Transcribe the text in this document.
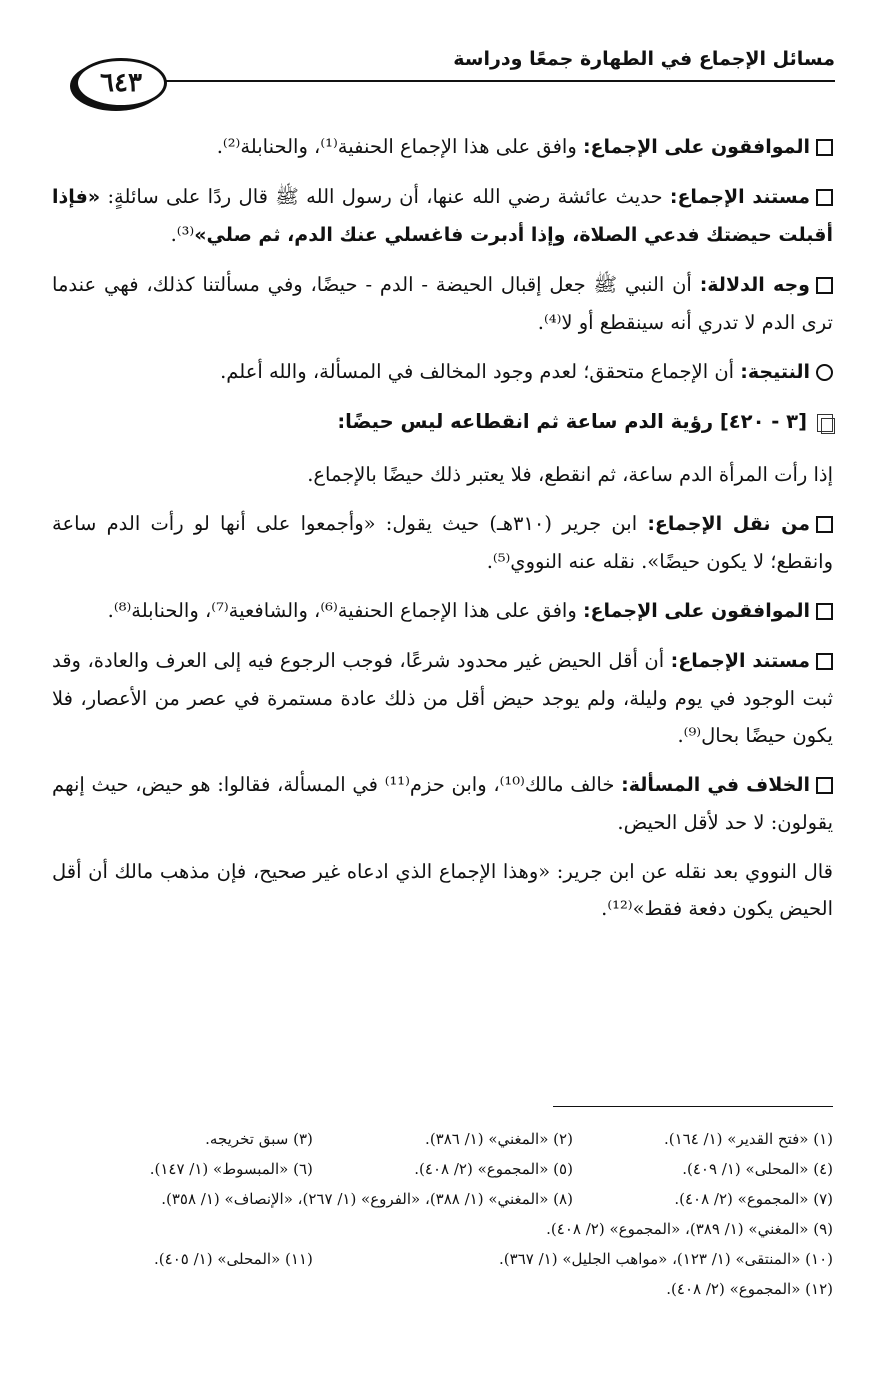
مسائل الإجماع في الطهارة جمعًا ودراسة
٦٤٣

الموافقون على الإجماع: وافق على هذا الإجماع الحنفية⁽¹⁾، والحنابلة⁽²⁾.

مستند الإجماع: حديث عائشة رضي الله عنها، أن رسول الله ﷺ قال ردًا على سائلةٍ: «فإذا أقبلت حيضتك فدعي الصلاة، وإذا أدبرت فاغسلي عنك الدم، ثم صلي»⁽³⁾.

وجه الدلالة: أن النبي ﷺ جعل إقبال الحيضة - الدم - حيضًا، وفي مسألتنا كذلك، فهي عندما ترى الدم لا تدري أنه سينقطع أو لا⁽⁴⁾.

النتيجة: أن الإجماع متحقق؛ لعدم وجود المخالف في المسألة، والله أعلم.

[٣ - ٤٢٠] رؤية الدم ساعة ثم انقطاعه ليس حيضًا:

إذا رأت المرأة الدم ساعة، ثم انقطع، فلا يعتبر ذلك حيضًا بالإجماع.

من نقل الإجماع: ابن جرير (٣١٠هـ) حيث يقول: «وأجمعوا على أنها لو رأت الدم ساعة وانقطع؛ لا يكون حيضًا». نقله عنه النووي⁽⁵⁾.

الموافقون على الإجماع: وافق على هذا الإجماع الحنفية⁽⁶⁾، والشافعية⁽⁷⁾، والحنابلة⁽⁸⁾.

مستند الإجماع: أن أقل الحيض غير محدود شرعًا، فوجب الرجوع فيه إلى العرف والعادة، وقد ثبت الوجود في يوم وليلة، ولم يوجد حيض أقل من ذلك عادة مستمرة في عصر من الأعصار، فلا يكون حيضًا بحال⁽⁹⁾.

الخلاف في المسألة: خالف مالك⁽¹⁰⁾، وابن حزم⁽¹¹⁾ في المسألة، فقالوا: هو حيض، حيث إنهم يقولون: لا حد لأقل الحيض.

قال النووي بعد نقله عن ابن جرير: «وهذا الإجماع الذي ادعاه غير صحيح، فإن مذهب مالك أن أقل الحيض يكون دفعة فقط»⁽¹²⁾.

(١) «فتح القدير» (١/ ١٦٤).
(٢) «المغني» (١/ ٣٨٦).
(٣) سبق تخريجه.
(٤) «المحلى» (١/ ٤٠٩).
(٥) «المجموع» (٢/ ٤٠٨).
(٦) «المبسوط» (١/ ١٤٧).
(٧) «المجموع» (٢/ ٤٠٨).
(٨) «المغني» (١/ ٣٨٨)، «الفروع» (١/ ٢٦٧)، «الإنصاف» (١/ ٣٥٨).
(٩) «المغني» (١/ ٣٨٩)، «المجموع» (٢/ ٤٠٨).
(١٠) «المنتقى» (١/ ١٢٣)، «مواهب الجليل» (١/ ٣٦٧).
(١١) «المحلى» (١/ ٤٠٥).
(١٢) «المجموع» (٢/ ٤٠٨).
